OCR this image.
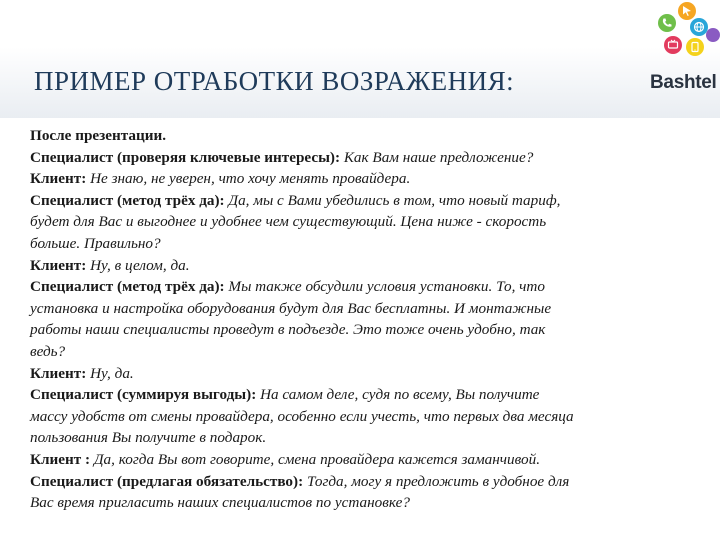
ПРИМЕР ОТРАБОТКИ ВОЗРАЖЕНИЯ:	Bashtel
После презентации.
Специалист (проверяя ключевые интересы): Как Вам наше предложение?
Клиент: Не знаю, не уверен, что хочу менять провайдера.
Специалист (метод трёх да): Да, мы с Вами убедились в том, что новый тариф,
будет для Вас и выгоднее и удобнее чем существующий. Цена ниже - скорость
больше. Правильно?
Клиент: Ну, в целом, да.
Специалист (метод трёх да): Мы также обсудили условия установки. То, что
установка и настройка оборудования будут для Вас бесплатны. И монтажные
работы наши специалисты проведут в подъезде. Это тоже очень удобно, так
ведь?
Клиент: Ну, да.
Специалист (суммируя выгоды): На самом деле, судя по всему, Вы получите
массу удобств от смены провайдера, особенно если учесть, что первых два месяца
пользования Вы получите в подарок.
Клиент : Да, когда Вы вот говорите, смена провайдера кажется заманчивой.
Специалист (предлагая обязательство): Тогда, могу я предложить в удобное для
Вас время пригласить наших специалистов по установке?
